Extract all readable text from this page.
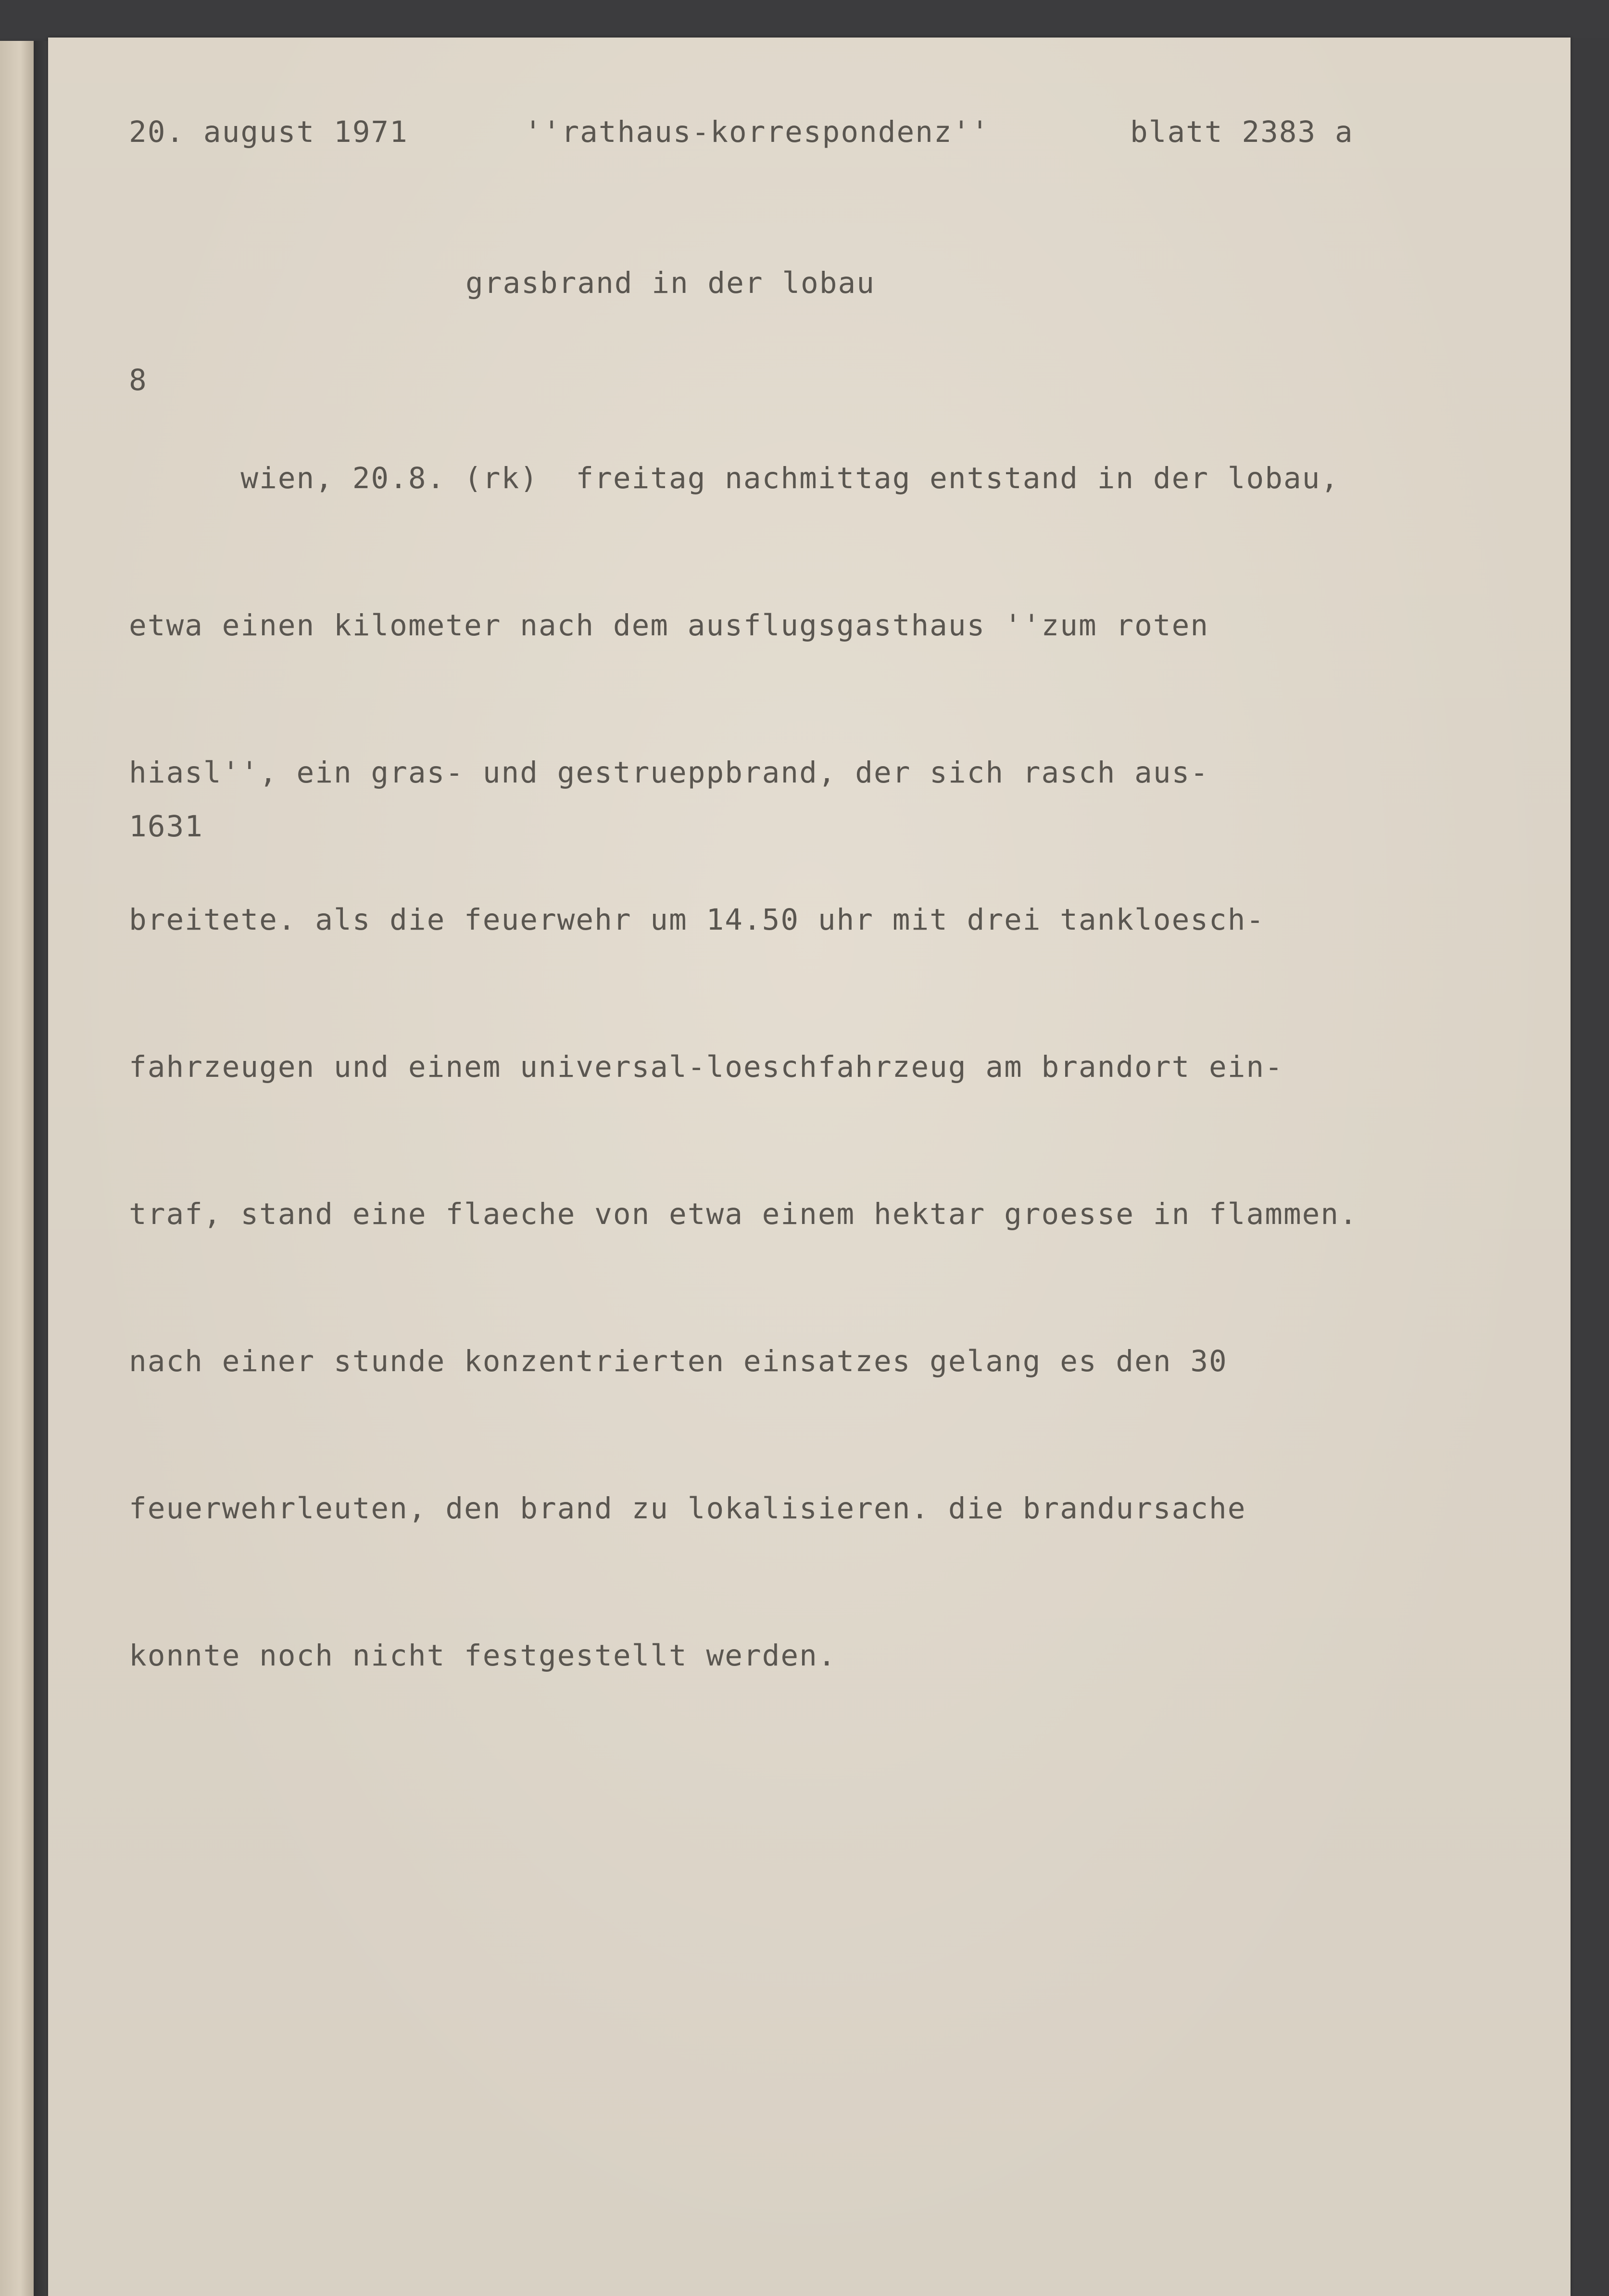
20. august 1971	''rathaus-korrespondenz''	blatt 2383 a

grasbrand in der lobau

8

wien, 20.8. (rk)  freitag nachmittag entstand in der lobau,

etwa einen kilometer nach dem ausflugsgasthaus ''zum roten

hiasl'', ein gras- und gestrueppbrand, der sich rasch aus-

breitete. als die feuerwehr um 14.50 uhr mit drei tankloesch-

fahrzeugen und einem universal-loeschfahrzeug am brandort ein-

traf, stand eine flaeche von etwa einem hektar groesse in flammen.

nach einer stunde konzentrierten einsatzes gelang es den 30

feuerwehrleuten, den brand zu lokalisieren. die brandursache

konnte noch nicht festgestellt werden.

1631
